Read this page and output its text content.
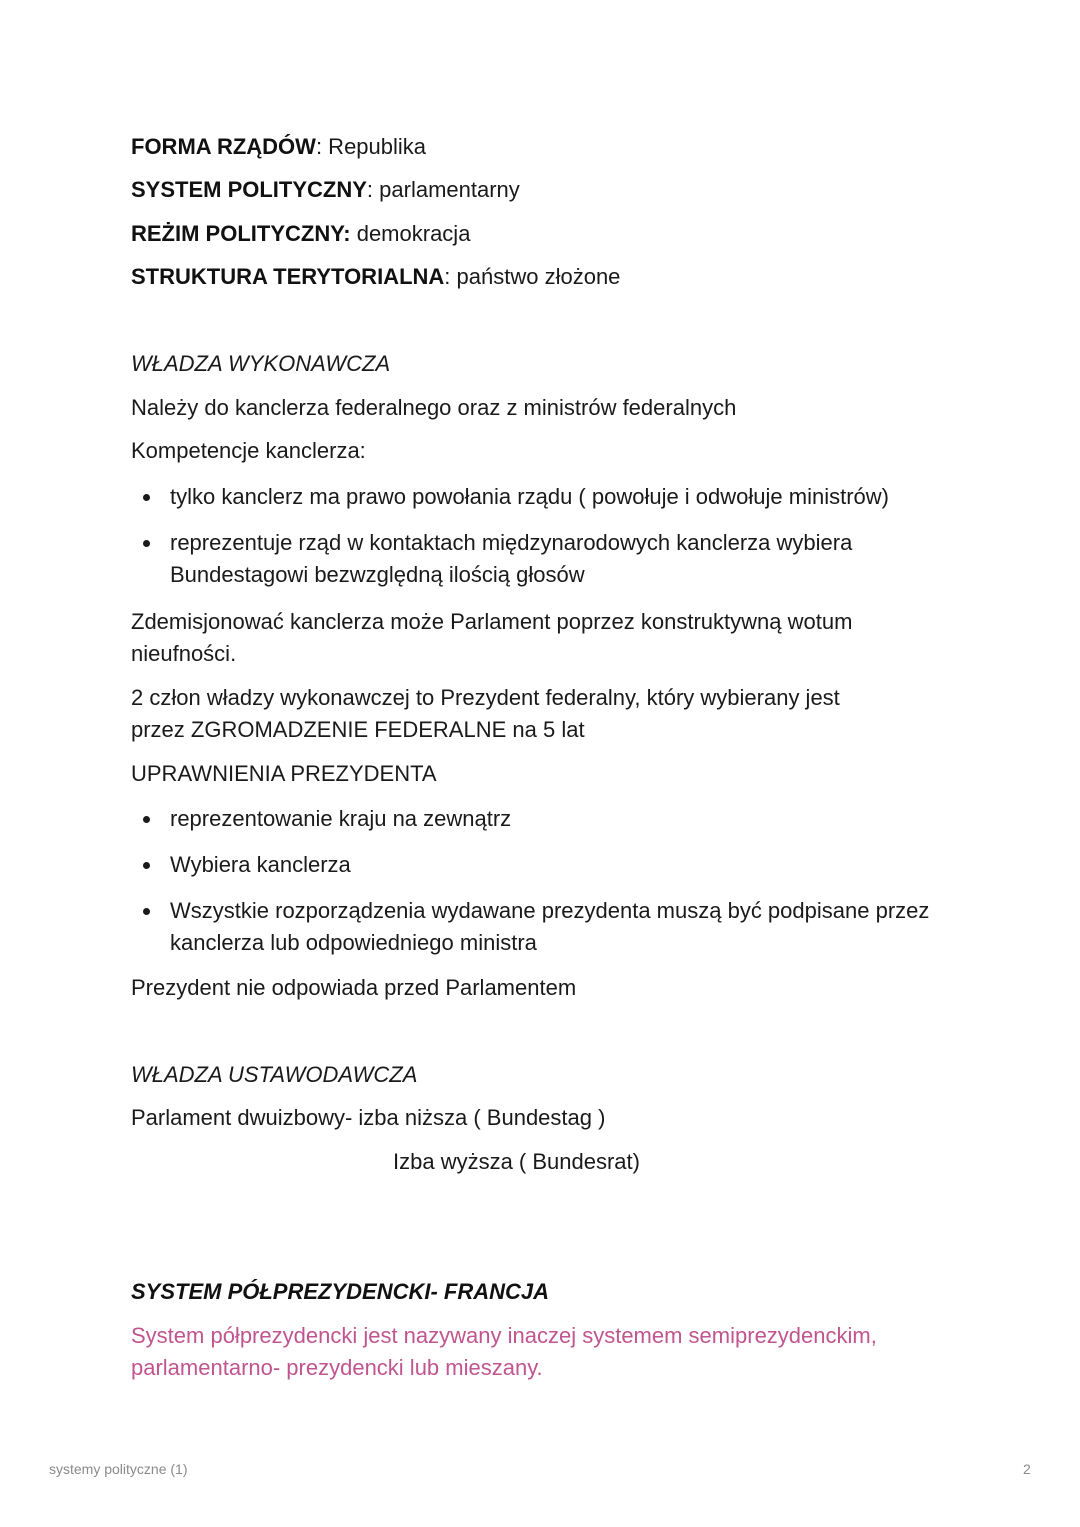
FORMA RZĄDÓW: Republika
SYSTEM POLITYCZNY: parlamentarny
REŻIM POLITYCZNY: demokracja
STRUKTURA TERYTORIALNA: państwo złożone
WŁADZA WYKONAWCZA
Należy do kanclerza federalnego oraz z ministrów federalnych
Kompetencje kanclerza:
tylko kanclerz ma prawo powołania rządu ( powołuje i odwołuje ministrów)
reprezentuje rząd w kontaktach międzynarodowych kanclerza wybiera Bundestagowi bezwzględną ilością głosów
Zdemisjonować kanclerza może Parlament poprzez konstruktywną wotum
nieufności.
2 człon władzy wykonawczej to Prezydent federalny, który wybierany jest
przez ZGROMADZENIE FEDERALNE na 5 lat
UPRAWNIENIA PREZYDENTA
reprezentowanie kraju na zewnątrz
Wybiera kanclerza
Wszystkie rozporządzenia wydawane prezydenta muszą być podpisane przez kanclerza lub odpowiedniego ministra
Prezydent nie odpowiada przed Parlamentem
WŁADZA USTAWODAWCZA
Parlament dwuizbowy- izba niższa ( Bundestag )
Izba wyższa ( Bundesrat)
SYSTEM PÓŁPREZYDENCKI- FRANCJA
System półprezydencki jest nazywany inaczej systemem semiprezydenckim,
parlamentarno- prezydencki lub mieszany.
systemy polityczne (1)	2
